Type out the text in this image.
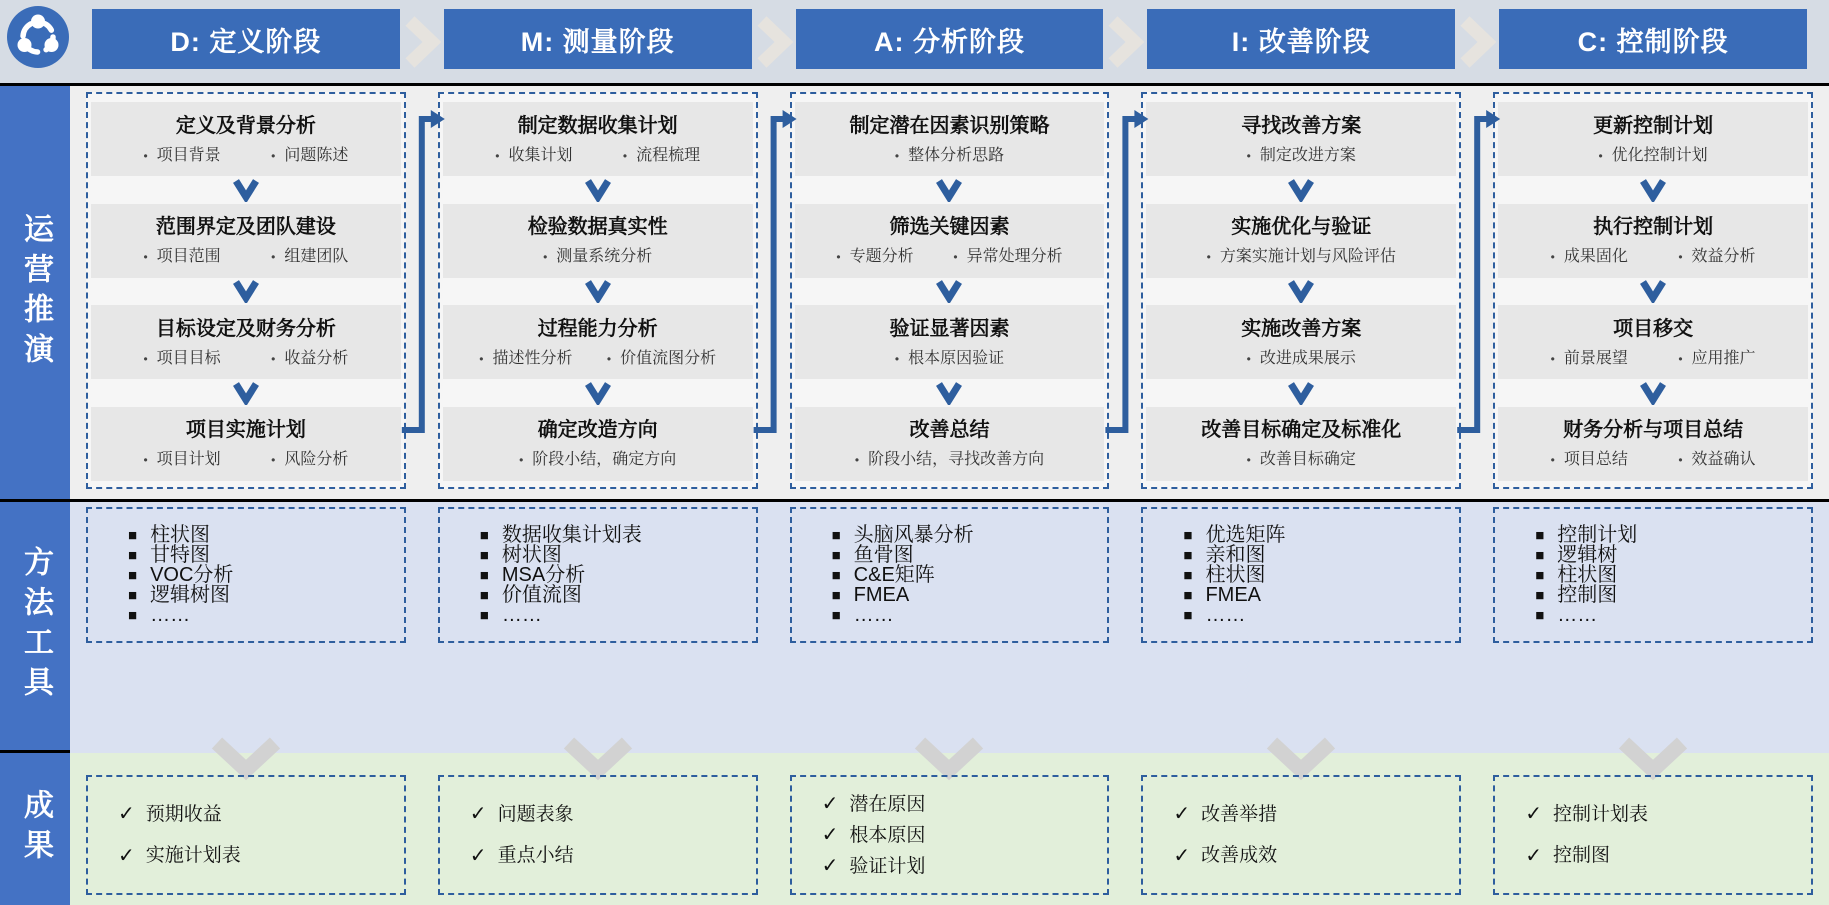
D: 定义阶段	M: 测量阶段	A: 分析阶段	I: 改善阶段	C: 控制阶段
运营推演
定义及背景分析
• 项目背景	• 问题陈述
范围界定及团队建设
• 项目范围	• 组建团队
目标设定及财务分析
• 项目目标	• 收益分析
项目实施计划
• 项目计划	• 风险分析
制定数据收集计划
• 收集计划	• 流程梳理
检验数据真实性
• 测量系统分析
过程能力分析
• 描述性分析	• 价值流图分析
确定改造方向
• 阶段小结，确定方向
制定潜在因素识别策略
• 整体分析思路
筛选关键因素
• 专题分析	• 异常处理分析
验证显著因素
• 根本原因验证
改善总结
• 阶段小结，寻找改善方向
寻找改善方案
• 制定改进方案
实施优化与验证
• 方案实施计划与风险评估
实施改善方案
• 改进成果展示
改善目标确定及标准化
• 改善目标确定
更新控制计划
• 优化控制计划
执行控制计划
• 成果固化	• 效益分析
项目移交
• 前景展望	• 应用推广
财务分析与项目总结
• 项目总结	• 效益确认
方法工具
■ 柱状图
■ 甘特图
■ VOC分析
■ 逻辑树图
■ ……
■ 数据收集计划表
■ 树状图
■ MSA分析
■ 价值流图
■ ……
■ 头脑风暴分析
■ 鱼骨图
■ C&E矩阵
■ FMEA
■ ……
■ 优选矩阵
■ 亲和图
■ 柱状图
■ FMEA
■ ……
■ 控制计划
■ 逻辑树
■ 柱状图
■ 控制图
■ ……
成果	✓ 预期收益
✓ 实施计划表
✓ 问题表象
✓ 重点小结
✓ 潜在原因
✓ 根本原因
✓ 验证计划
✓ 改善举措
✓ 改善成效
✓ 控制计划表
✓ 控制图
